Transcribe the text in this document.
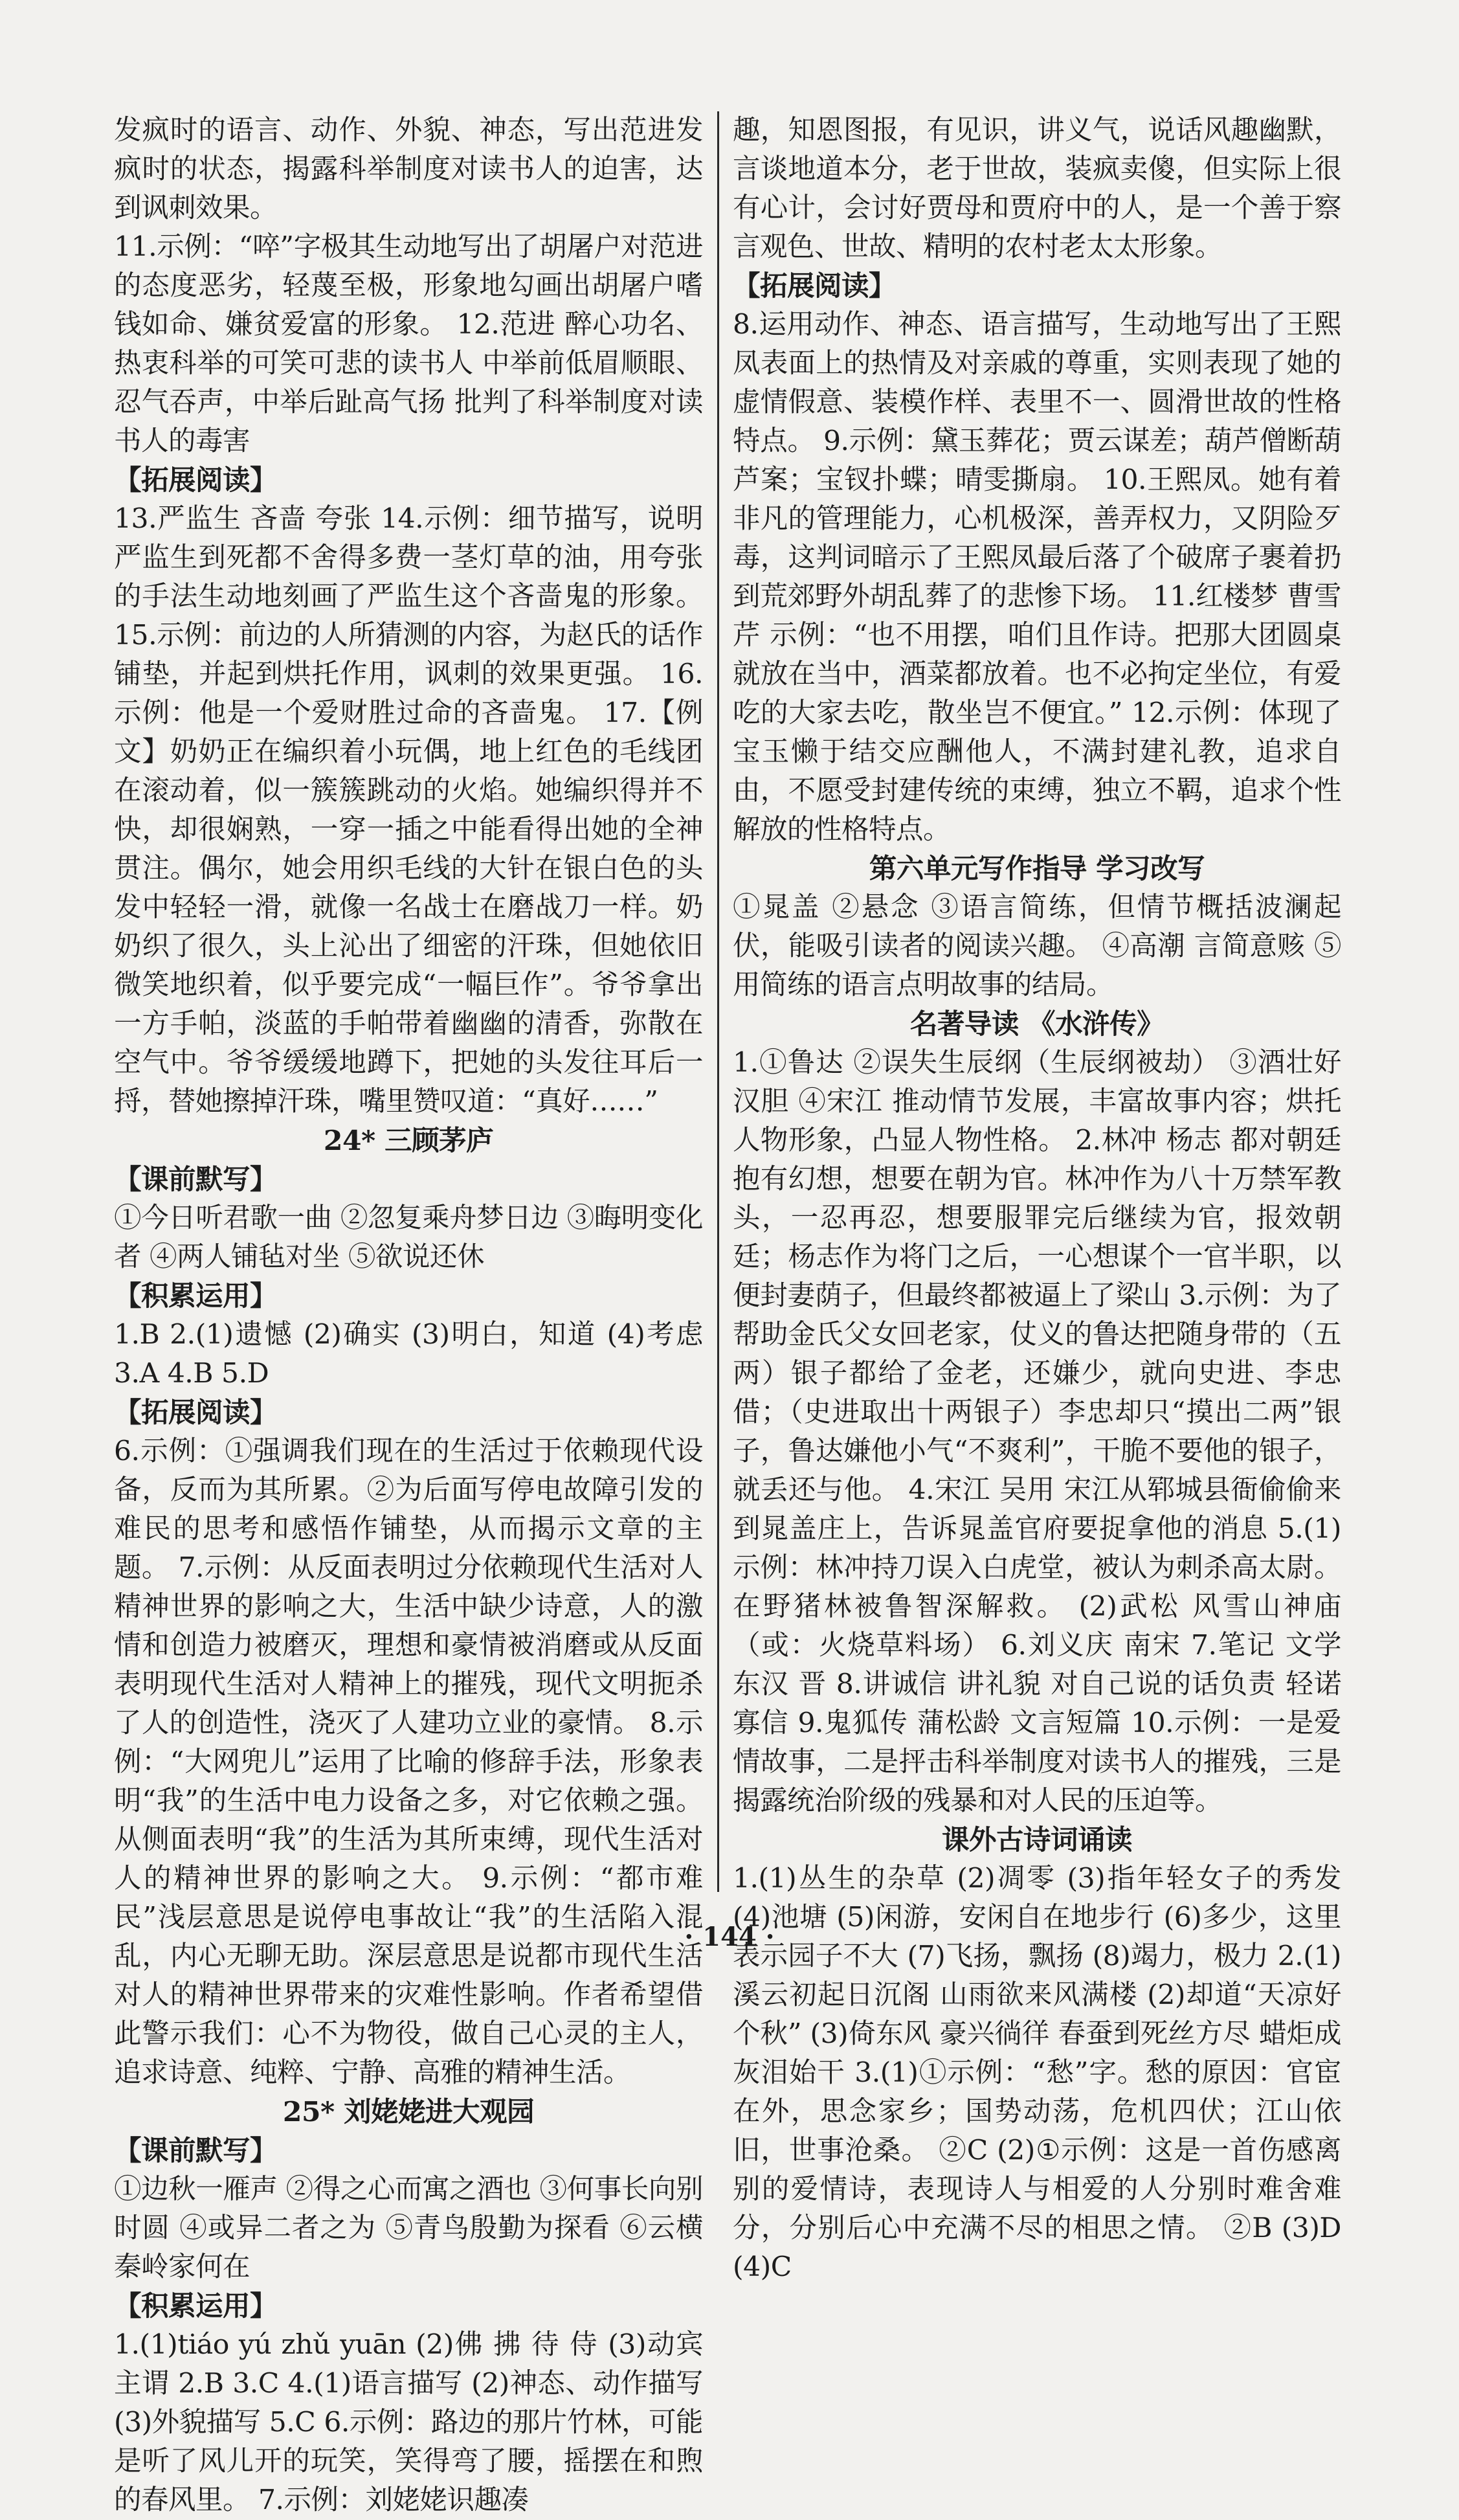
发疯时的语言、动作、外貌、神态，写出范进发疯时的状态，揭露科举制度对读书人的迫害，达到讽刺效果。
11.示例：“啐”字极其生动地写出了胡屠户对范进的态度恶劣，轻蔑至极，形象地勾画出胡屠户嗜钱如命、嫌贫爱富的形象。 12.范进 醉心功名、热衷科举的可笑可悲的读书人 中举前低眉顺眼、忍气吞声，中举后趾高气扬 批判了科举制度对读书人的毒害
【拓展阅读】
13.严监生 吝啬 夸张 14.示例：细节描写，说明严监生到死都不舍得多费一茎灯草的油，用夸张的手法生动地刻画了严监生这个吝啬鬼的形象。 15.示例：前边的人所猜测的内容，为赵氏的话作铺垫，并起到烘托作用，讽刺的效果更强。 16.示例：他是一个爱财胜过命的吝啬鬼。 17.【例文】奶奶正在编织着小玩偶，地上红色的毛线团在滚动着，似一簇簇跳动的火焰。她编织得并不快，却很娴熟，一穿一插之中能看得出她的全神贯注。偶尔，她会用织毛线的大针在银白色的头发中轻轻一滑，就像一名战士在磨战刀一样。奶奶织了很久，头上沁出了细密的汗珠，但她依旧微笑地织着，似乎要完成“一幅巨作”。爷爷拿出一方手帕，淡蓝的手帕带着幽幽的清香，弥散在空气中。爷爷缓缓地蹲下，把她的头发往耳后一捋，替她擦掉汗珠，嘴里赞叹道：“真好……”
24* 三顾茅庐
【课前默写】
①今日听君歌一曲 ②忽复乘舟梦日边 ③晦明变化者 ④两人铺毡对坐 ⑤欲说还休
【积累运用】
1.B 2.(1)遗憾 (2)确实 (3)明白，知道 (4)考虑 3.A 4.B 5.D
【拓展阅读】
6.示例：①强调我们现在的生活过于依赖现代设备，反而为其所累。②为后面写停电故障引发的难民的思考和感悟作铺垫，从而揭示文章的主题。 7.示例：从反面表明过分依赖现代生活对人精神世界的影响之大，生活中缺少诗意，人的激情和创造力被磨灭，理想和豪情被消磨或从反面表明现代生活对人精神上的摧残，现代文明扼杀了人的创造性，浇灭了人建功立业的豪情。 8.示例：“大网兜儿”运用了比喻的修辞手法，形象表明“我”的生活中电力设备之多，对它依赖之强。从侧面表明“我”的生活为其所束缚，现代生活对人的精神世界的影响之大。 9.示例：“都市难民”浅层意思是说停电事故让“我”的生活陷入混乱，内心无聊无助。深层意思是说都市现代生活对人的精神世界带来的灾难性影响。作者希望借此警示我们：心不为物役，做自己心灵的主人，追求诗意、纯粹、宁静、高雅的精神生活。
25* 刘姥姥进大观园
【课前默写】
①边秋一雁声 ②得之心而寓之酒也 ③何事长向别时圆 ④或异二者之为 ⑤青鸟殷勤为探看 ⑥云横秦岭家何在
【积累运用】
1.(1)tiáo yú zhǔ yuān (2)佛 拂 待 侍 (3)动宾 主谓 2.B 3.C 4.(1)语言描写 (2)神态、动作描写 (3)外貌描写 5.C 6.示例：路边的那片竹林，可能是听了风儿开的玩笑，笑得弯了腰，摇摆在和煦的春风里。 7.示例：刘姥姥识趣凑
趣，知恩图报，有见识，讲义气，说话风趣幽默，言谈地道本分，老于世故，装疯卖傻，但实际上很有心计，会讨好贾母和贾府中的人，是一个善于察言观色、世故、精明的农村老太太形象。
【拓展阅读】
8.运用动作、神态、语言描写，生动地写出了王熙凤表面上的热情及对亲戚的尊重，实则表现了她的虚情假意、装模作样、表里不一、圆滑世故的性格特点。 9.示例：黛玉葬花；贾云谋差；葫芦僧断葫芦案；宝钗扑蝶；晴雯撕扇。 10.王熙凤。她有着非凡的管理能力，心机极深，善弄权力，又阴险歹毒，这判词暗示了王熙凤最后落了个破席子裹着扔到荒郊野外胡乱葬了的悲惨下场。 11.红楼梦 曹雪芹 示例：“也不用摆，咱们且作诗。把那大团圆桌就放在当中，酒菜都放着。也不必拘定坐位，有爱吃的大家去吃，散坐岂不便宜。” 12.示例：体现了宝玉懒于结交应酬他人，不满封建礼教，追求自由，不愿受封建传统的束缚，独立不羁，追求个性解放的性格特点。
第六单元写作指导 学习改写
①晁盖 ②悬念 ③语言简练，但情节概括波澜起伏，能吸引读者的阅读兴趣。 ④高潮 言简意赅 ⑤用简练的语言点明故事的结局。
名著导读 《水浒传》
1.①鲁达 ②误失生辰纲（生辰纲被劫） ③酒壮好汉胆 ④宋江 推动情节发展，丰富故事内容；烘托人物形象，凸显人物性格。 2.林冲 杨志 都对朝廷抱有幻想，想要在朝为官。林冲作为八十万禁军教头，一忍再忍，想要服罪完后继续为官，报效朝廷；杨志作为将门之后，一心想谋个一官半职，以便封妻荫子，但最终都被逼上了梁山 3.示例：为了帮助金氏父女回老家，仗义的鲁达把随身带的（五两）银子都给了金老，还嫌少，就向史进、李忠借；（史进取出十两银子）李忠却只“摸出二两”银子，鲁达嫌他小气“不爽利”，干脆不要他的银子，就丢还与他。 4.宋江 吴用 宋江从郓城县衙偷偷来到晁盖庄上，告诉晁盖官府要捉拿他的消息 5.(1)示例：林冲持刀误入白虎堂，被认为刺杀高太尉。在野猪林被鲁智深解救。 (2)武松 风雪山神庙（或：火烧草料场） 6.刘义庆 南宋 7.笔记 文学 东汉 晋 8.讲诚信 讲礼貌 对自己说的话负责 轻诺寡信 9.鬼狐传 蒲松龄 文言短篇 10.示例：一是爱情故事，二是抨击科举制度对读书人的摧残，三是揭露统治阶级的残暴和对人民的压迫等。
课外古诗词诵读
1.(1)丛生的杂草 (2)凋零 (3)指年轻女子的秀发 (4)池塘 (5)闲游，安闲自在地步行 (6)多少，这里表示园子不大 (7)飞扬，飘扬 (8)竭力，极力 2.(1)溪云初起日沉阁 山雨欲来风满楼 (2)却道“天凉好个秋” (3)倚东风 豪兴徜徉 春蚕到死丝方尽 蜡炬成灰泪始干 3.(1)①示例：“愁”字。愁的原因：官宦在外，思念家乡；国势动荡，危机四伏；江山依旧，世事沧桑。 ②C (2)①示例：这是一首伤感离别的爱情诗，表现诗人与相爱的人分别时难舍难分，分别后心中充满不尽的相思之情。 ②B (3)D (4)C
· 144 ·
